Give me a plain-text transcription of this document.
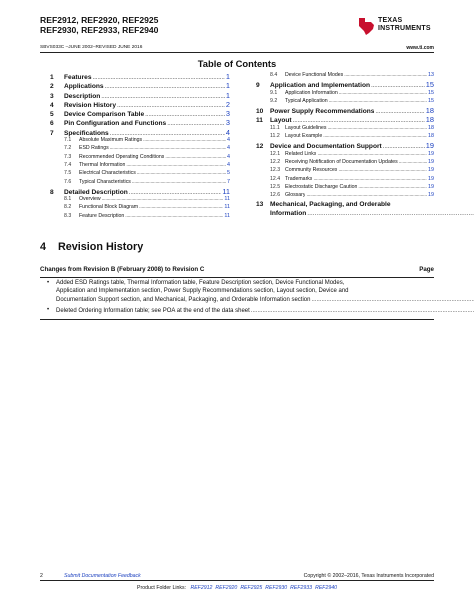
REF2912, REF2920, REF2925
REF2930, REF2933, REF2940
TEXAS
INSTRUMENTS
SBVS033C –JUNE 2002–REVISED JUNE 2016	www.ti.com
Table of Contents
1	Features .....	1
2	Applications .....	1
3	Description .....	1
4	Revision History .....	2
5	Device Comparison Table .....	3
6	Pin Configuration and Functions .....	3
7	Specifications .....	4
7.1	Absolute Maximum Ratings .....	4
7.2	ESD Ratings .....	4
7.3	Recommended Operating Conditions .....	4
7.4	Thermal Information .....	4
7.5	Electrical Characteristics .....	5
7.6	Typical Characteristics .....	7
8	Detailed Description .....	11
8.1	Overview .....	11
8.2	Functional Block Diagram .....	11
8.3	Feature Description .....	11
8.4	Device Functional Modes .....	13
9	Application and Implementation .....	15
9.1	Application Information .....	15
9.2	Typical Application .....	15
10	Power Supply Recommendations .....	18
11	Layout .....	18
11.1	Layout Guidelines .....	18
11.2	Layout Example .....	18
12	Device and Documentation Support .....	19
12.1 Related Links .....	19
12.2 Receiving Notification of Documentation Updates .....	19
12.3 Community Resources .....	19
12.4 Trademarks .....	19
12.5 Electrostatic Discharge Caution .....	19
12.6 Glossary .....	19
13	Mechanical, Packaging, and Orderable
Information
.....
4 Revision History
Changes from Revision B (February 2008) to Revision C	Page
•	Added ESD Ratings table, Thermal Information table, Feature Description section, Device Functional Modes,
Application and Implementation section, Power Supply Recommendations section, Layout section, Device and
Documentation Support section, and Mechanical, Packaging, and Orderable Information section
.....
•	Deleted Ordering Information table; see POA at the end of the data sheet
.....
2	Submit Documentation Feedback	Copyright © 2002–2016, Texas Instruments Incorporated
Product Folder Links: REF2912 REF2920 REF2925 REF2930 REF2933 REF2940
